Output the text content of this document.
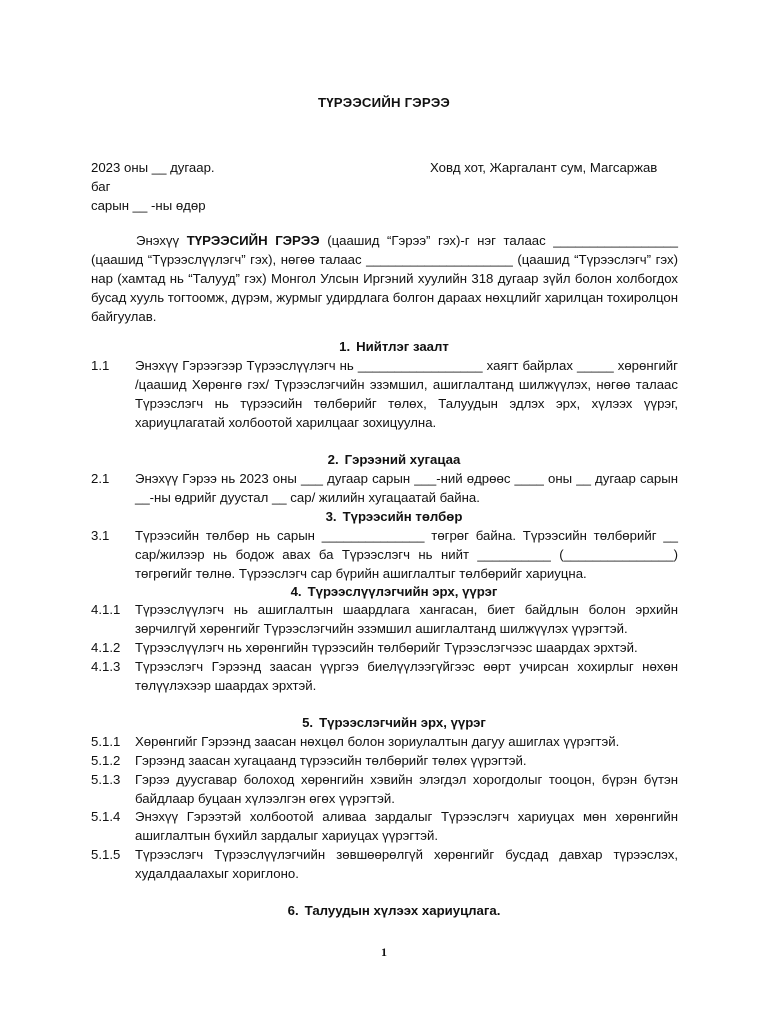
ТҮРЭЭСИЙН ГЭРЭЭ
2023 оны __ дугаар.
баг
сарын __ -ны өдөр
Ховд хот, Жаргалант сум, Магсаржав
Энэхүү ТҮРЭЭСИЙН ГЭРЭЭ (цаашид “Гэрээ” гэх)-г нэг талаас _________________ (цаашид “Түрээслүүлэгч” гэх), нөгөө талаас ____________________ (цаашид “Түрээслэгч” гэх) нар (хамтад нь “Талууд” гэх) Монгол Улсын Иргэний хуулийн 318 дугаар зүйл болон холбогдох бусад хууль тогтоомж, дүрэм, журмыг удирдлага болгон дараах нөхцлийг харилцан тохиролцон байгуулав.
1. Нийтлэг заалт
1.1	Энэхүү Гэрээгээр Түрээслүүлэгч нь _________________ хаягт байрлах _____ хөрөнгийг /цаашид Хөрөнгө гэх/ Түрээслэгчийн эзэмшил, ашиглалтанд шилжүүлэх, нөгөө талаас Түрээслэгч нь түрээсийн төлбөрийг төлөх, Талуудын эдлэх эрх, хүлээх үүрэг, хариуцлагатай холбоотой харилцааг зохицуулна.
2. Гэрээний хугацаа
2.1	Энэхүү Гэрээ нь 2023 оны ___ дугаар сарын ___-ний өдрөөс ____ оны __ дугаар сарын __-ны өдрийг дуустал __ сар/ жилийн хугацаатай байна.
3. Түрээсийн төлбөр
3.1	Түрээсийн төлбөр нь сарын ______________ төгрөг байна. Түрээсийн төлбөрийг __ сар/жилээр нь бодож авах ба Түрээслэгч нь нийт __________ (_______________) төгрөгийг төлнө. Түрээслэгч сар бүрийн ашиглалтыг төлбөрийг хариуцна.
4. Түрээслүүлэгчийн эрх, үүрэг
4.1.1	Түрээслүүлэгч нь ашиглалтын шаардлага хангасан, биет байдлын болон эрхийн зөрчилгүй хөрөнгийг Түрээслэгчийн эзэмшил ашиглалтанд шилжүүлэх үүрэгтэй.
4.1.2	Түрээслүүлэгч нь хөрөнгийн түрээсийн төлбөрийг Түрээслэгчээс шаардах эрхтэй.
4.1.3	Түрээслэгч Гэрээнд заасан үүргээ биелүүлээгүйгээс өөрт учирсан хохирлыг нөхөн төлүүлэхээр шаардах эрхтэй.
5. Түрээслэгчийн эрх, үүрэг
5.1.1	Хөрөнгийг Гэрээнд заасан нөхцөл болон зориулалтын дагуу ашиглах үүрэгтэй.
5.1.2	Гэрээнд заасан хугацаанд түрээсийн төлбөрийг төлөх үүрэгтэй.
5.1.3	Гэрээ дуусгавар болоход хөрөнгийн хэвийн элэгдэл хорогдолыг тооцон, бүрэн бүтэн байдлаар буцаан хүлээлгэн өгөх үүрэгтэй.
5.1.4	Энэхүү Гэрээтэй холбоотой аливаа зардалыг Түрээслэгч хариуцах мөн хөрөнгийн ашиглалтын бүхийл зардалыг хариуцах үүрэгтэй.
5.1.5	Түрээслэгч Түрээслүүлэгчийн зөвшөөрөлгүй хөрөнгийг бусдад давхар түрээслэх, худалдаалахыг хориглоно.
6. Талуудын хүлээх хариуцлага.
1
